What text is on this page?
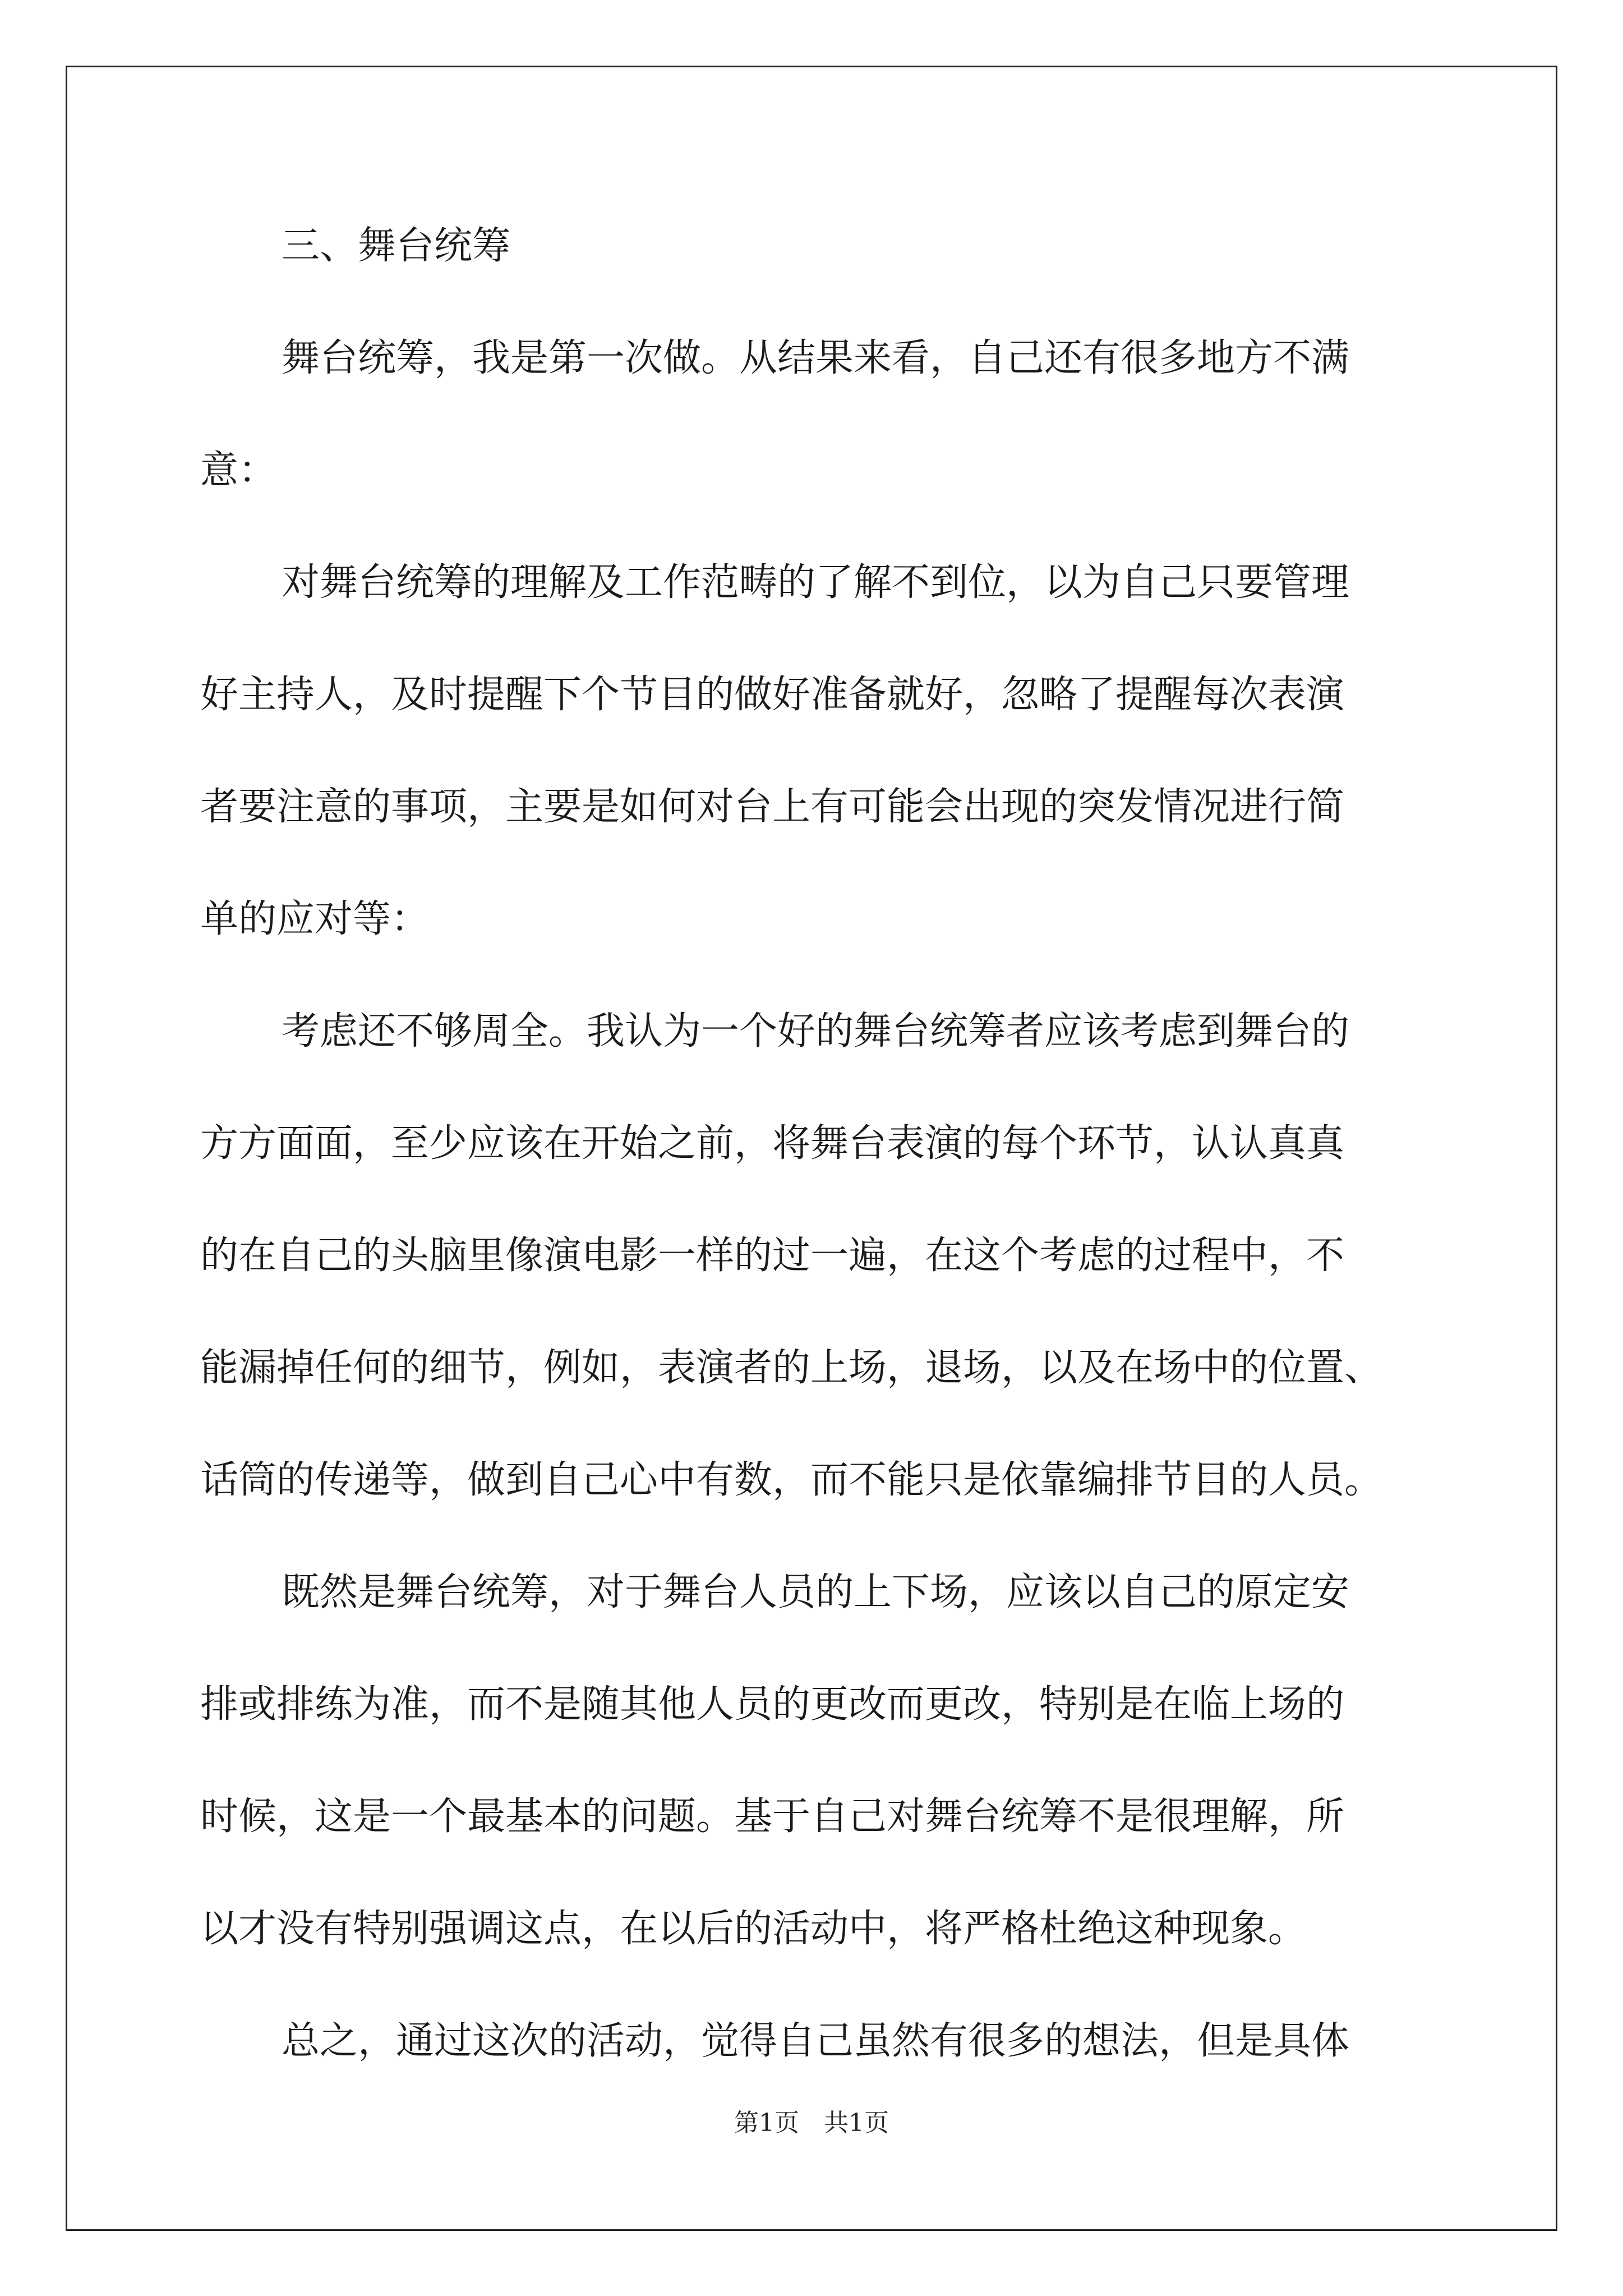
三、舞台统筹
舞台统筹，我是第一次做。从结果来看，自己还有很多地方不满
意：
对舞台统筹的理解及工作范畴的了解不到位，以为自己只要管理
好主持人，及时提醒下个节目的做好准备就好，忽略了提醒每次表演
者要注意的事项，主要是如何对台上有可能会出现的突发情况进行简
单的应对等：
考虑还不够周全。我认为一个好的舞台统筹者应该考虑到舞台的
方方面面，至少应该在开始之前，将舞台表演的每个环节，认认真真
的在自己的头脑里像演电影一样的过一遍，在这个考虑的过程中，不
能漏掉任何的细节，例如，表演者的上场，退场，以及在场中的位置、
话筒的传递等，做到自己心中有数，而不能只是依靠编排节目的人员。
既然是舞台统筹，对于舞台人员的上下场，应该以自己的原定安
排或排练为准，而不是随其他人员的更改而更改，特别是在临上场的
时候，这是一个最基本的问题。基于自己对舞台统筹不是很理解，所
以才没有特别强调这点，在以后的活动中，将严格杜绝这种现象。
总之，通过这次的活动，觉得自己虽然有很多的想法，但是具体
第1页　共1页
